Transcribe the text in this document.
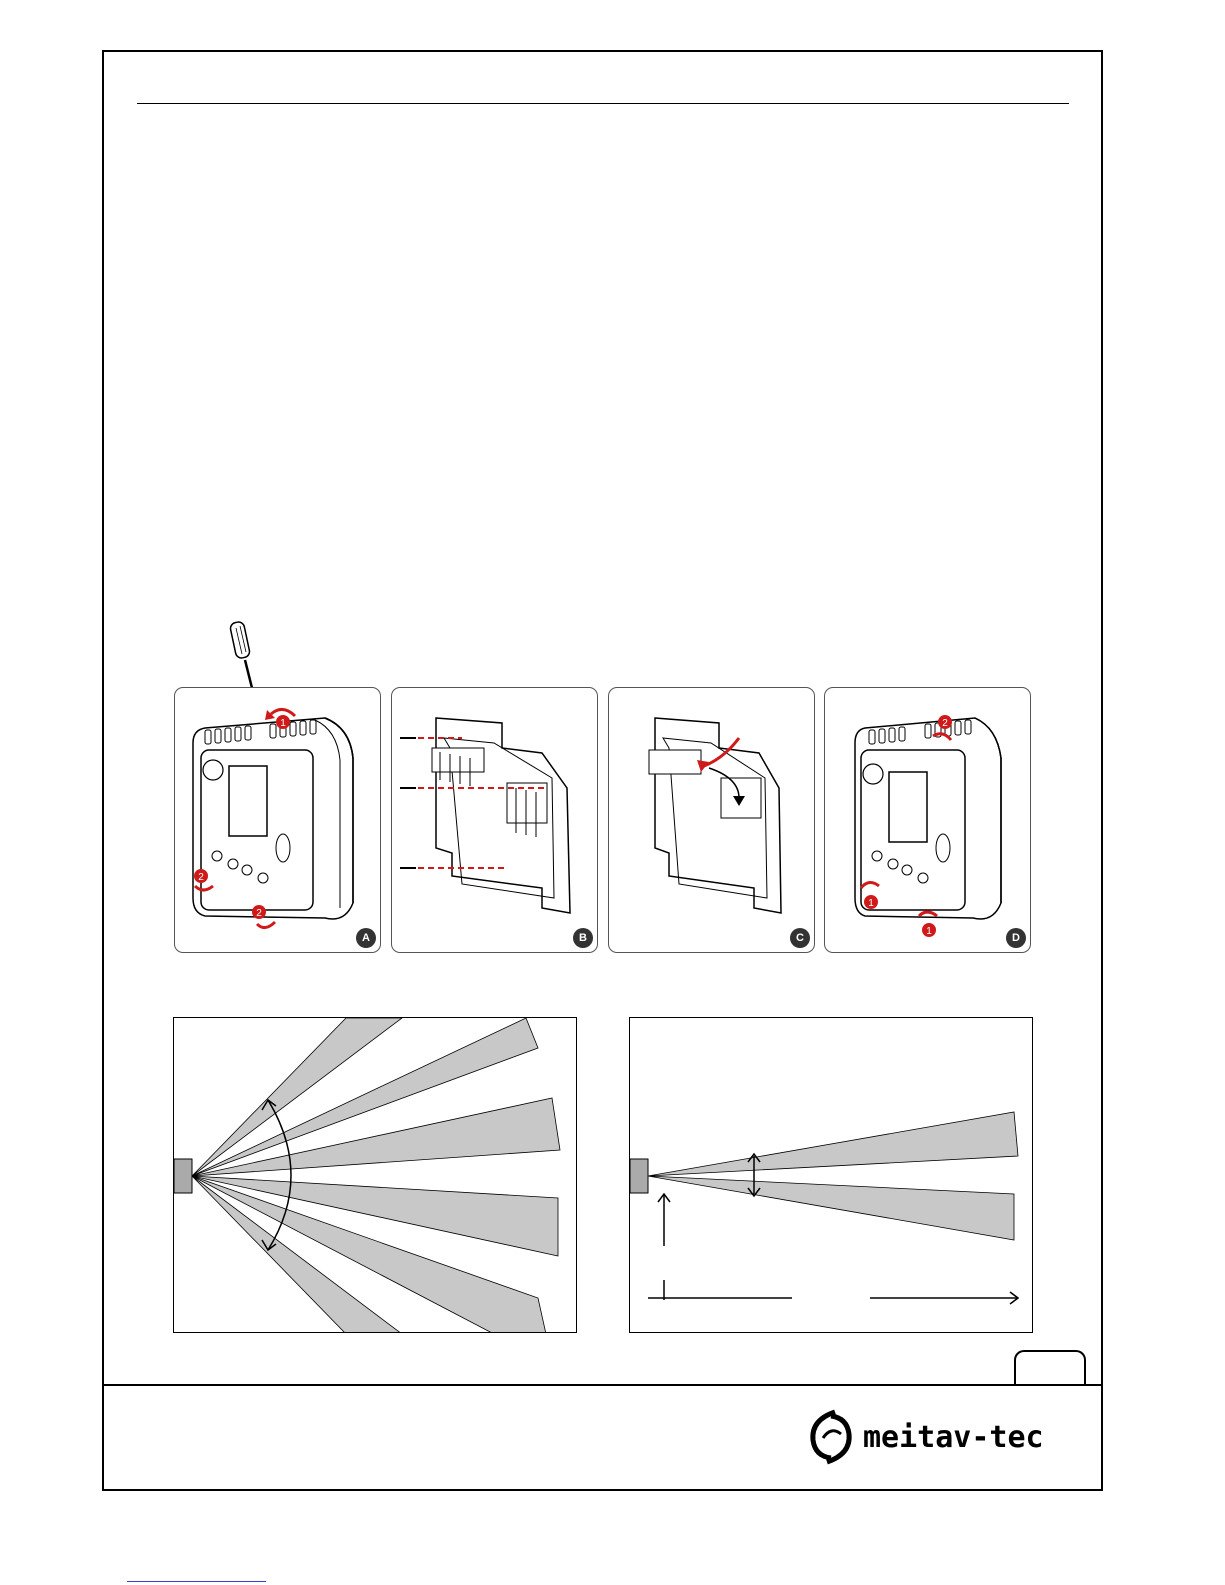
1
2
2
A	B	C
2
1
1
D
meitav-tec
